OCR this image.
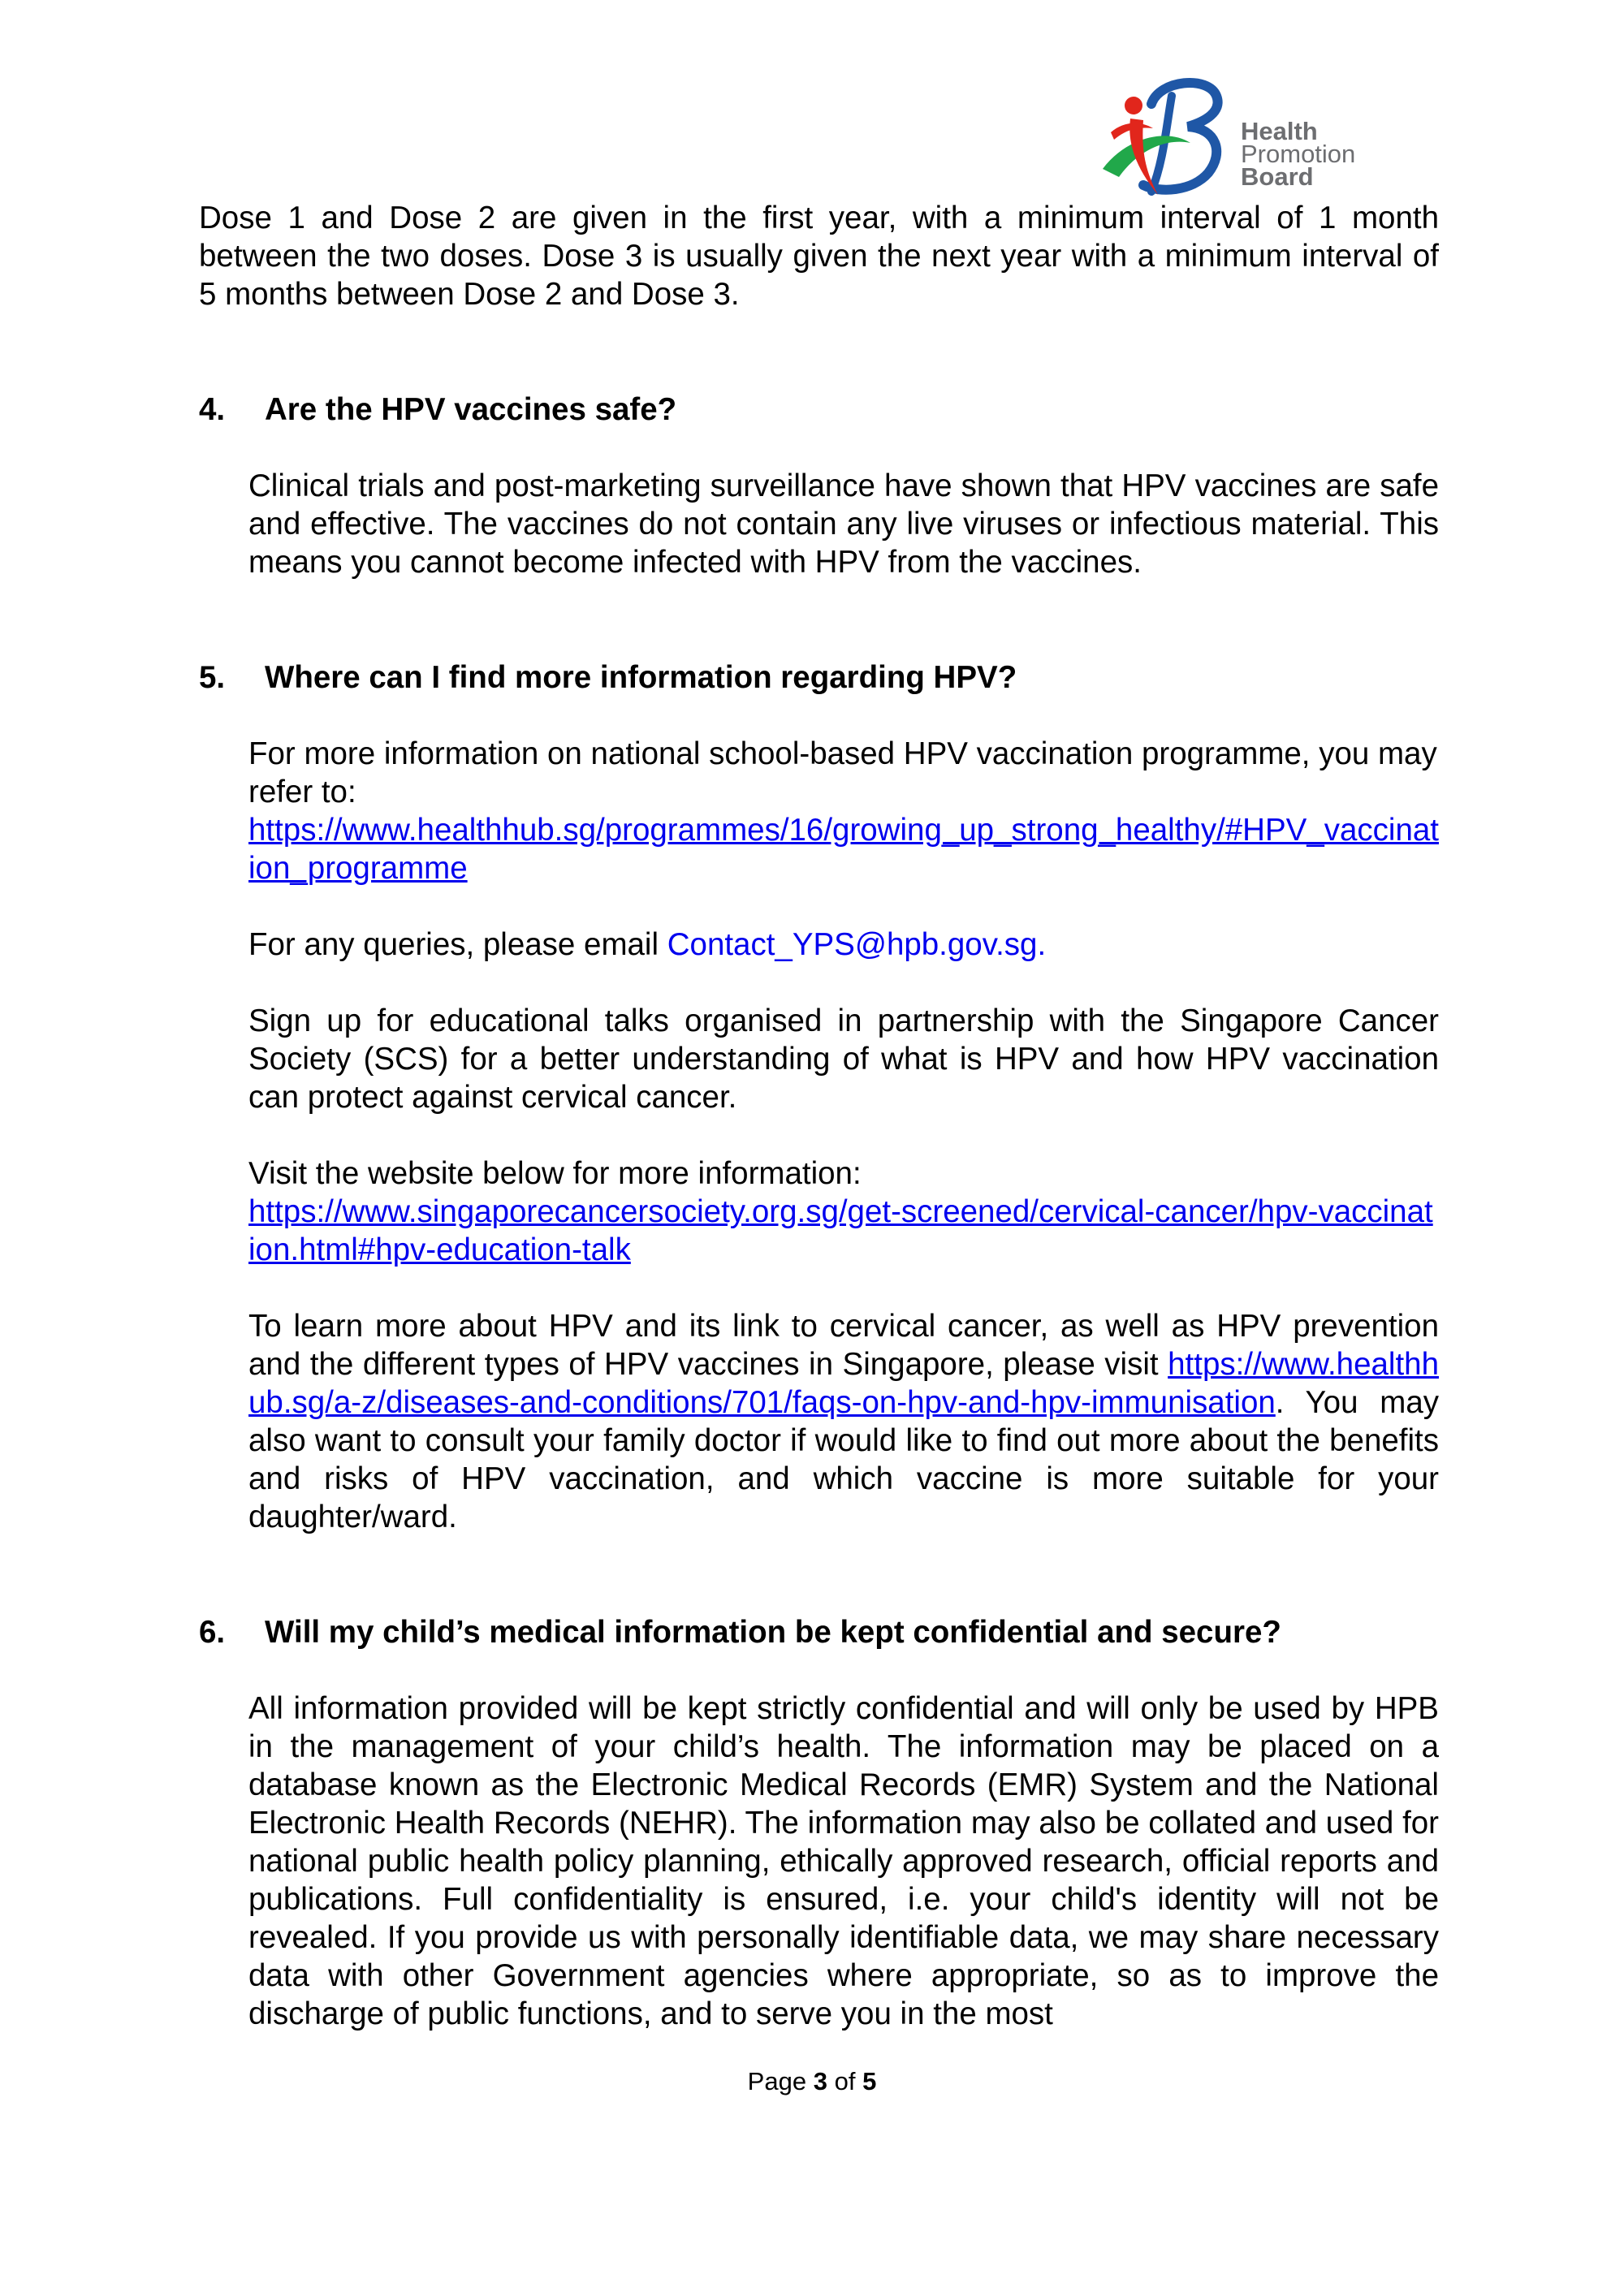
Health
Promotion
Board

Dose 1 and Dose 2 are given in the first year, with a minimum interval of 1 month between the two doses. Dose 3 is usually given the next year with a minimum interval of 5 months between Dose 2 and Dose 3.

4.	Are the HPV vaccines safe?

Clinical trials and post-marketing surveillance have shown that HPV vaccines are safe and effective. The vaccines do not contain any live viruses or infectious material. This means you cannot become infected with HPV from the vaccines.

5.	Where can I find more information regarding HPV?

For more information on national school-based HPV vaccination programme, you may refer to:
https://www.healthhub.sg/programmes/16/growing_up_strong_healthy/#HPV_vaccination_programme

For any queries, please email Contact_YPS@hpb.gov.sg.

Sign up for educational talks organised in partnership with the Singapore Cancer Society (SCS) for a better understanding of what is HPV and how HPV vaccination can protect against cervical cancer.

Visit the website below for more information:
https://www.singaporecancersociety.org.sg/get-screened/cervical-cancer/hpv-vaccination.html#hpv-education-talk

To learn more about HPV and its link to cervical cancer, as well as HPV prevention and the different types of HPV vaccines in Singapore, please visit https://www.healthhub.sg/a-z/diseases-and-conditions/701/faqs-on-hpv-and-hpv-immunisation. You may also want to consult your family doctor if would like to find out more about the benefits and risks of HPV vaccination, and which vaccine is more suitable for your daughter/ward.

6.	Will my child’s medical information be kept confidential and secure?

All information provided will be kept strictly confidential and will only be used by HPB in the management of your child’s health. The information may be placed on a database known as the Electronic Medical Records (EMR) System and the National Electronic Health Records (NEHR). The information may also be collated and used for national public health policy planning, ethically approved research, official reports and publications. Full confidentiality is ensured, i.e. your child's identity will not be revealed. If you provide us with personally identifiable data, we may share necessary data with other Government agencies where appropriate, so as to improve the discharge of public functions, and to serve you in the most

Page 3 of 5
